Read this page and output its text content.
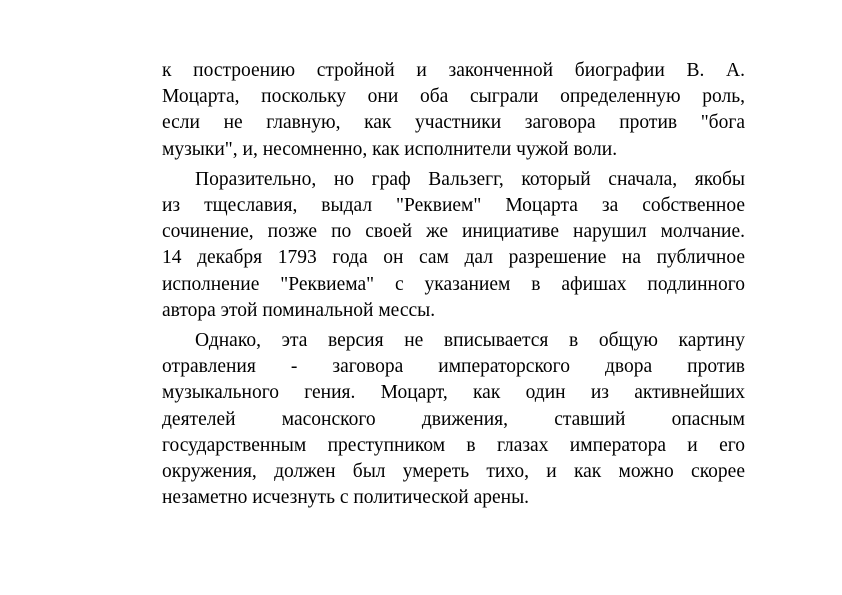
к построению стройной и законченной биографии В. А.
Моцарта, поскольку они оба сыграли определенную роль,
если не главную, как участники заговора против "бога
музыки", и, несомненно, как исполнители чужой воли.

Поразительно, но граф Вальзегг, который сначала, якобы
из тщеславия, выдал "Реквием" Моцарта за собственное
сочинение, позже по своей же инициативе нарушил молчание.
14 декабря 1793 года он сам дал разрешение на публичное
исполнение "Реквиема" с указанием в афишах подлинного
автора этой поминальной мессы.

Однако, эта версия не вписывается в общую картину
отравления - заговора императорского двора против
музыкального гения. Моцарт, как один из активнейших
деятелей масонского движения, ставший опасным
государственным преступником в глазах императора и его
окружения, должен был умереть тихо, и как можно скорее
незаметно исчезнуть с политической арены.
